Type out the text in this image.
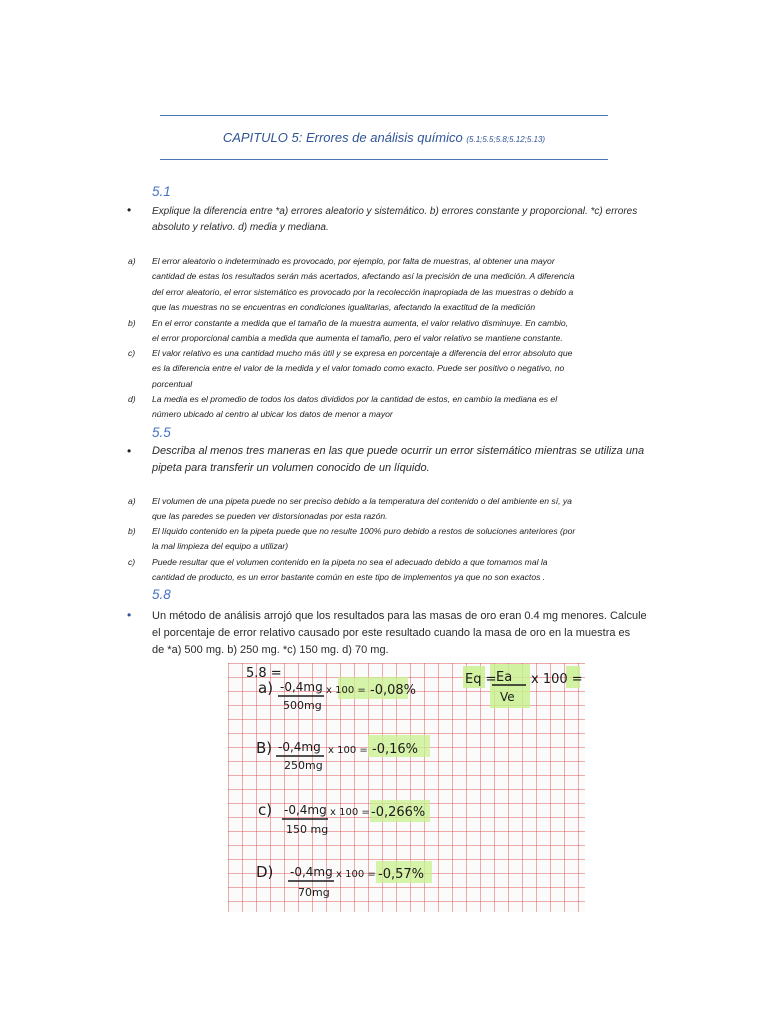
CAPITULO 5: Errores de análisis químico (5.1;5.5;5.8;5.12;5.13)
5.1
• Explique la diferencia entre *a) errores aleatorio y sistemático. b) errores constante y proporcional. *c) errores absoluto y relativo. d) media y mediana.
a) El error aleatorio o indeterminado es provocado, por ejemplo, por falta de muestras, al obtener una mayor
cantidad de estas los resultados serán más acertados, afectando así la precisión de una medición. A diferencia
del error aleatorio, el error sistemático es provocado por la recolección inapropiada de las muestras o debido a
que las muestras no se encuentras en condiciones igualitarias, afectando la exactitud de la medición
b) En el error constante a medida que el tamaño de la muestra aumenta, el valor relativo disminuye. En cambio,
el error proporcional cambia a medida que aumenta el tamaño, pero el valor relativo se mantiene constante.
c) El valor relativo es una cantidad mucho más útil y se expresa en porcentaje a diferencia del error absoluto que
es la diferencia entre el valor de la medida y el valor tomado como exacto. Puede ser positivo o negativo, no
porcentual
d) La media es el promedio de todos los datos divididos por la cantidad de estos, en cambio la mediana es el
número ubicado al centro al ubicar los datos de menor a mayor
5.5
• Describa al menos tres maneras en las que puede ocurrir un error sistemático mientras se utiliza una
pipeta para transferir un volumen conocido de un líquido.
a) El volumen de una pipeta puede no ser preciso debido a la temperatura del contenido o del ambiente en sí, ya
que las paredes se pueden ver distorsionadas por esta razón.
b) El líquido contenido en la pipeta puede que no resulte 100% puro debido a restos de soluciones anteriores (por
la mal limpieza del equipo a utilizar)
c) Puede resultar que el volumen contenido en la pipeta no sea el adecuado debido a que tomamos mal la
cantidad de producto, es un error bastante común en este tipo de implementos ya que no son exactos .
5.8
• Un método de análisis arrojó que los resultados para las masas de oro eran 0.4 mg menores. Calcule
el porcentaje de error relativo causado por este resultado cuando la masa de oro en la muestra es
de *a) 500 mg. b) 250 mg. *c) 150 mg. d) 70 mg.
5.8 =	Eq = Ea
Ve
x 100 =
a) -0,4mg
500mg
x 100 = -0,08%
B) -0,4mg
250mg
x 100 = -0,16%
c) -0,4mg
150 mg
x 100 = -0,266%
D) -0,4mg
70mg
x 100 = -0,57%
